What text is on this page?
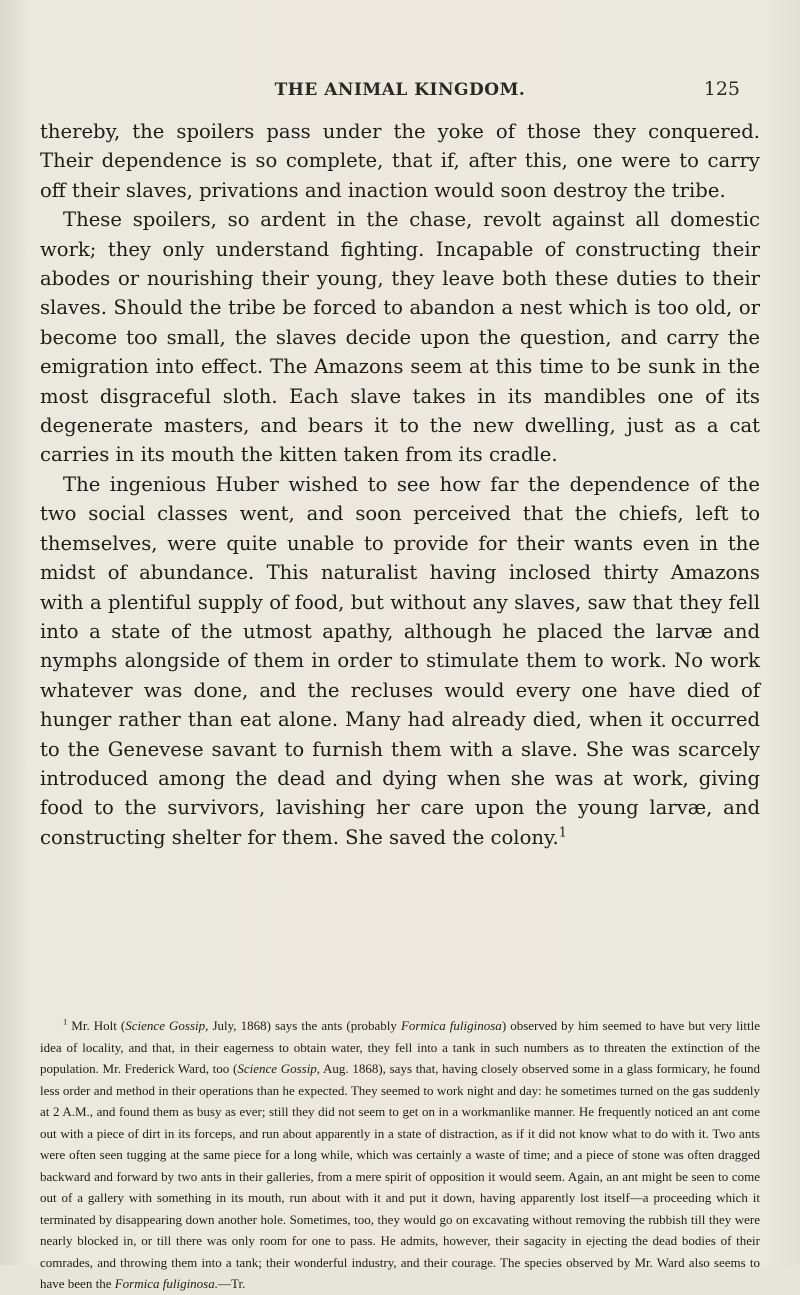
THE ANIMAL KINGDOM.	125

thereby, the spoilers pass under the yoke of those they conquered. Their dependence is so complete, that if, after this, one were to carry off their slaves, privations and inaction would soon destroy the tribe.

These spoilers, so ardent in the chase, revolt against all domestic work; they only understand fighting. Incapable of constructing their abodes or nourishing their young, they leave both these duties to their slaves. Should the tribe be forced to abandon a nest which is too old, or become too small, the slaves decide upon the question, and carry the emigration into effect. The Amazons seem at this time to be sunk in the most disgraceful sloth. Each slave takes in its mandibles one of its degenerate masters, and bears it to the new dwelling, just as a cat carries in its mouth the kitten taken from its cradle.

The ingenious Huber wished to see how far the dependence of the two social classes went, and soon perceived that the chiefs, left to themselves, were quite unable to provide for their wants even in the midst of abundance. This naturalist having inclosed thirty Amazons with a plentiful supply of food, but without any slaves, saw that they fell into a state of the utmost apathy, although he placed the larvæ and nymphs alongside of them in order to stimulate them to work. No work whatever was done, and the recluses would every one have died of hunger rather than eat alone. Many had already died, when it occurred to the Genevese savant to furnish them with a slave. She was scarcely introduced among the dead and dying when she was at work, giving food to the survivors, lavishing her care upon the young larvæ, and constructing shelter for them. She saved the colony.$^1$

$^1$ Mr. Holt (Science Gossip, July, 1868) says the ants (probably Formica fuliginosa) observed by him seemed to have but very little idea of locality, and that, in their eagerness to obtain water, they fell into a tank in such numbers as to threaten the extinction of the population. Mr. Frederick Ward, too (Science Gossip, Aug. 1868), says that, having closely observed some in a glass formicary, he found less order and method in their operations than he expected. They seemed to work night and day: he sometimes turned on the gas suddenly at 2 A.M., and found them as busy as ever; still they did not seem to get on in a workmanlike manner. He frequently noticed an ant come out with a piece of dirt in its forceps, and run about apparently in a state of distraction, as if it did not know what to do with it. Two ants were often seen tugging at the same piece for a long while, which was certainly a waste of time; and a piece of stone was often dragged backward and forward by two ants in their galleries, from a mere spirit of opposition it would seem. Again, an ant might be seen to come out of a gallery with something in its mouth, run about with it and put it down, having apparently lost itself—a proceeding which it terminated by disappearing down another hole. Sometimes, too, they would go on excavating without removing the rubbish till they were nearly blocked in, or till there was only room for one to pass. He admits, however, their sagacity in ejecting the dead bodies of their comrades, and throwing them into a tank; their wonderful industry, and their courage. The species observed by Mr. Ward also seems to have been the Formica fuliginosa.—Tr.
